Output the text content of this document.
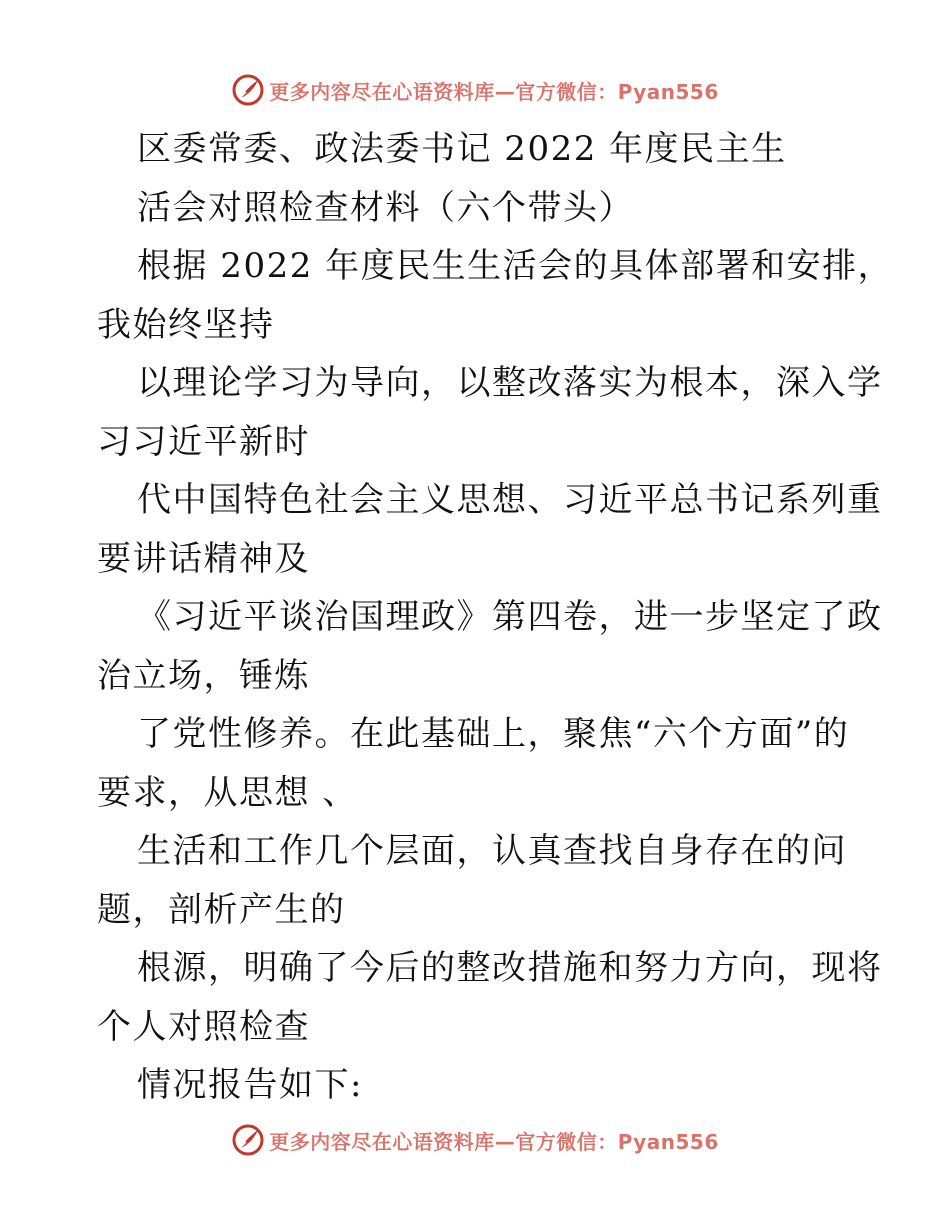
更多内容尽在心语资料库—官方微信：Pyan556
区委常委、政法委书记 2022 年度民主生
活会对照检查材料（六个带头）
根据 2022 年度民生生活会的具体部署和安排，
我始终坚持
以理论学习为导向，以整改落实为根本，深入学
习习近平新时
代中国特色社会主义思想、习近平总书记系列重
要讲话精神及
《习近平谈治国理政》第四卷，进一步坚定了政
治立场，锤炼
了党性修养。在此基础上，聚焦“六个方面”的
要求，从思想 、
生活和工作几个层面，认真查找自身存在的问
题，剖析产生的
根源，明确了今后的整改措施和努力方向，现将
个人对照检查
情况报告如下:
更多内容尽在心语资料库—官方微信：Pyan556
